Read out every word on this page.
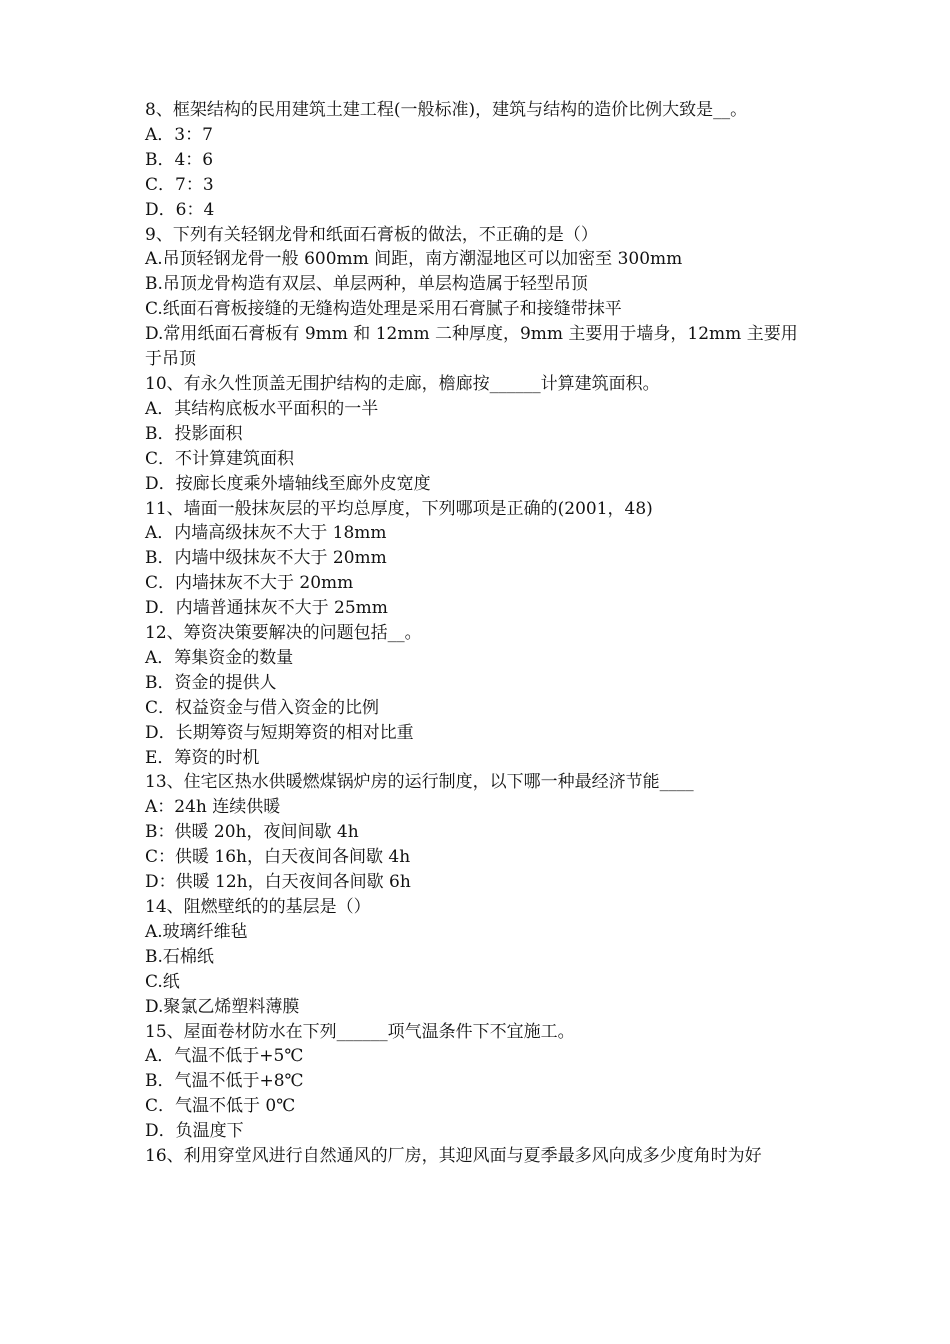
8、框架结构的民用建筑土建工程(一般标准)，建筑与结构的造价比例大致是__。

A．3：7

B．4：6

C．7：3

D．6：4

9、下列有关轻钢龙骨和纸面石膏板的做法，不正确的是（）

A.吊顶轻钢龙骨一般 600mm 间距，南方潮湿地区可以加密至 300mm

B.吊顶龙骨构造有双层、单层两种，单层构造属于轻型吊顶

C.纸面石膏板接缝的无缝构造处理是采用石膏腻子和接缝带抹平

D.常用纸面石膏板有 9mm 和 12mm 二种厚度，9mm 主要用于墙身，12mm 主要用于吊顶

10、有永久性顶盖无围护结构的走廊，檐廊按______计算建筑面积。

A．其结构底板水平面积的一半

B．投影面积

C．不计算建筑面积

D．按廊长度乘外墙轴线至廊外皮宽度

11、墙面一般抹灰层的平均总厚度，下列哪项是正确的(2001，48)

A．内墙高级抹灰不大于 18mm

B．内墙中级抹灰不大于 20mm

C．内墙抹灰不大于 20mm

D．内墙普通抹灰不大于 25mm

12、筹资决策要解决的问题包括__。

A．筹集资金的数量

B．资金的提供人

C．权益资金与借入资金的比例

D．长期筹资与短期筹资的相对比重

E．筹资的时机

13、住宅区热水供暖燃煤锅炉房的运行制度，以下哪一种最经济节能____

A：24h 连续供暖

B：供暖 20h，夜间间歇 4h

C：供暖 16h，白天夜间各间歇 4h

D：供暖 12h，白天夜间各间歇 6h

14、阻燃壁纸的的基层是（）

A.玻璃纤维毡

B.石棉纸

C.纸

D.聚氯乙烯塑料薄膜

15、屋面卷材防水在下列______项气温条件下不宜施工。

A．气温不低于+5℃

B．气温不低于+8℃

C．气温不低于 0℃

D．负温度下

16、利用穿堂风进行自然通风的厂房，其迎风面与夏季最多风向成多少度角时为好
